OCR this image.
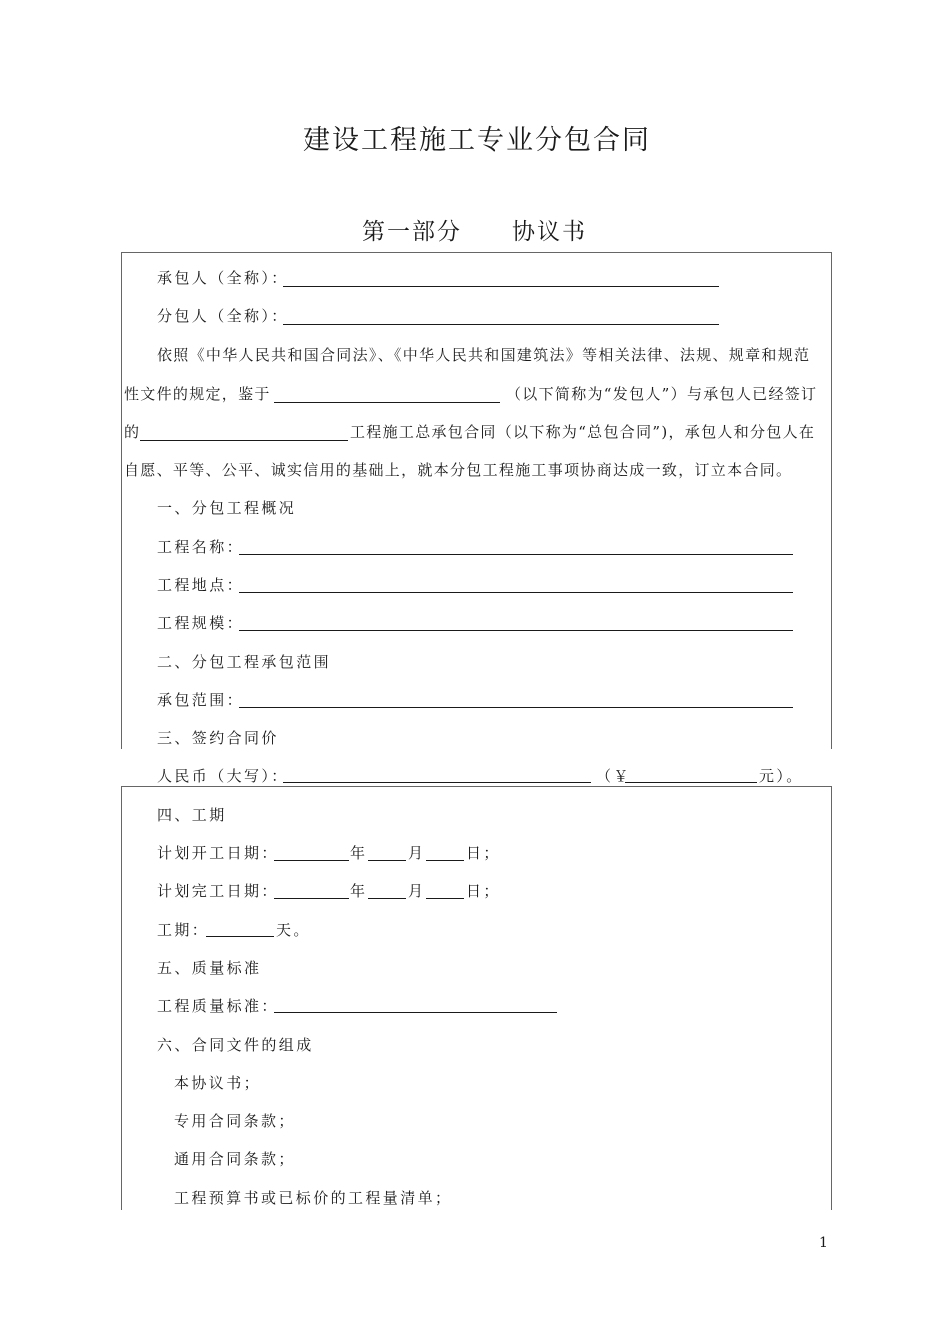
建设工程施工专业分包合同
第一部分　　协议书
承包人（全称）：
分包人（全称）：
依照《中华人民共和国合同法》、《中华人民共和国建筑法》等相关法律、法规、规章和规范
性文件的规定，鉴于	（以下简称为“发包人”）与承包人已经签订
的	工程施工总承包合同（以下称为“总包合同”)，承包人和分包人在
自愿、平等、公平、诚实信用的基础上，就本分包工程施工事项协商达成一致，订立本合同。
一、分包工程概况
工程名称：
工程地点：
工程规模：
二、分包工程承包范围
承包范围：
三、签约合同价
人民币（大写）：	（￥	元）。
四、工期
计划开工日期：	年	月	日；
计划完工日期：	年	月	日；
工期：	天。
五、质量标准
工程质量标准：
六、合同文件的组成
本协议书；
专用合同条款；
通用合同条款；
工程预算书或已标价的工程量清单；
1
